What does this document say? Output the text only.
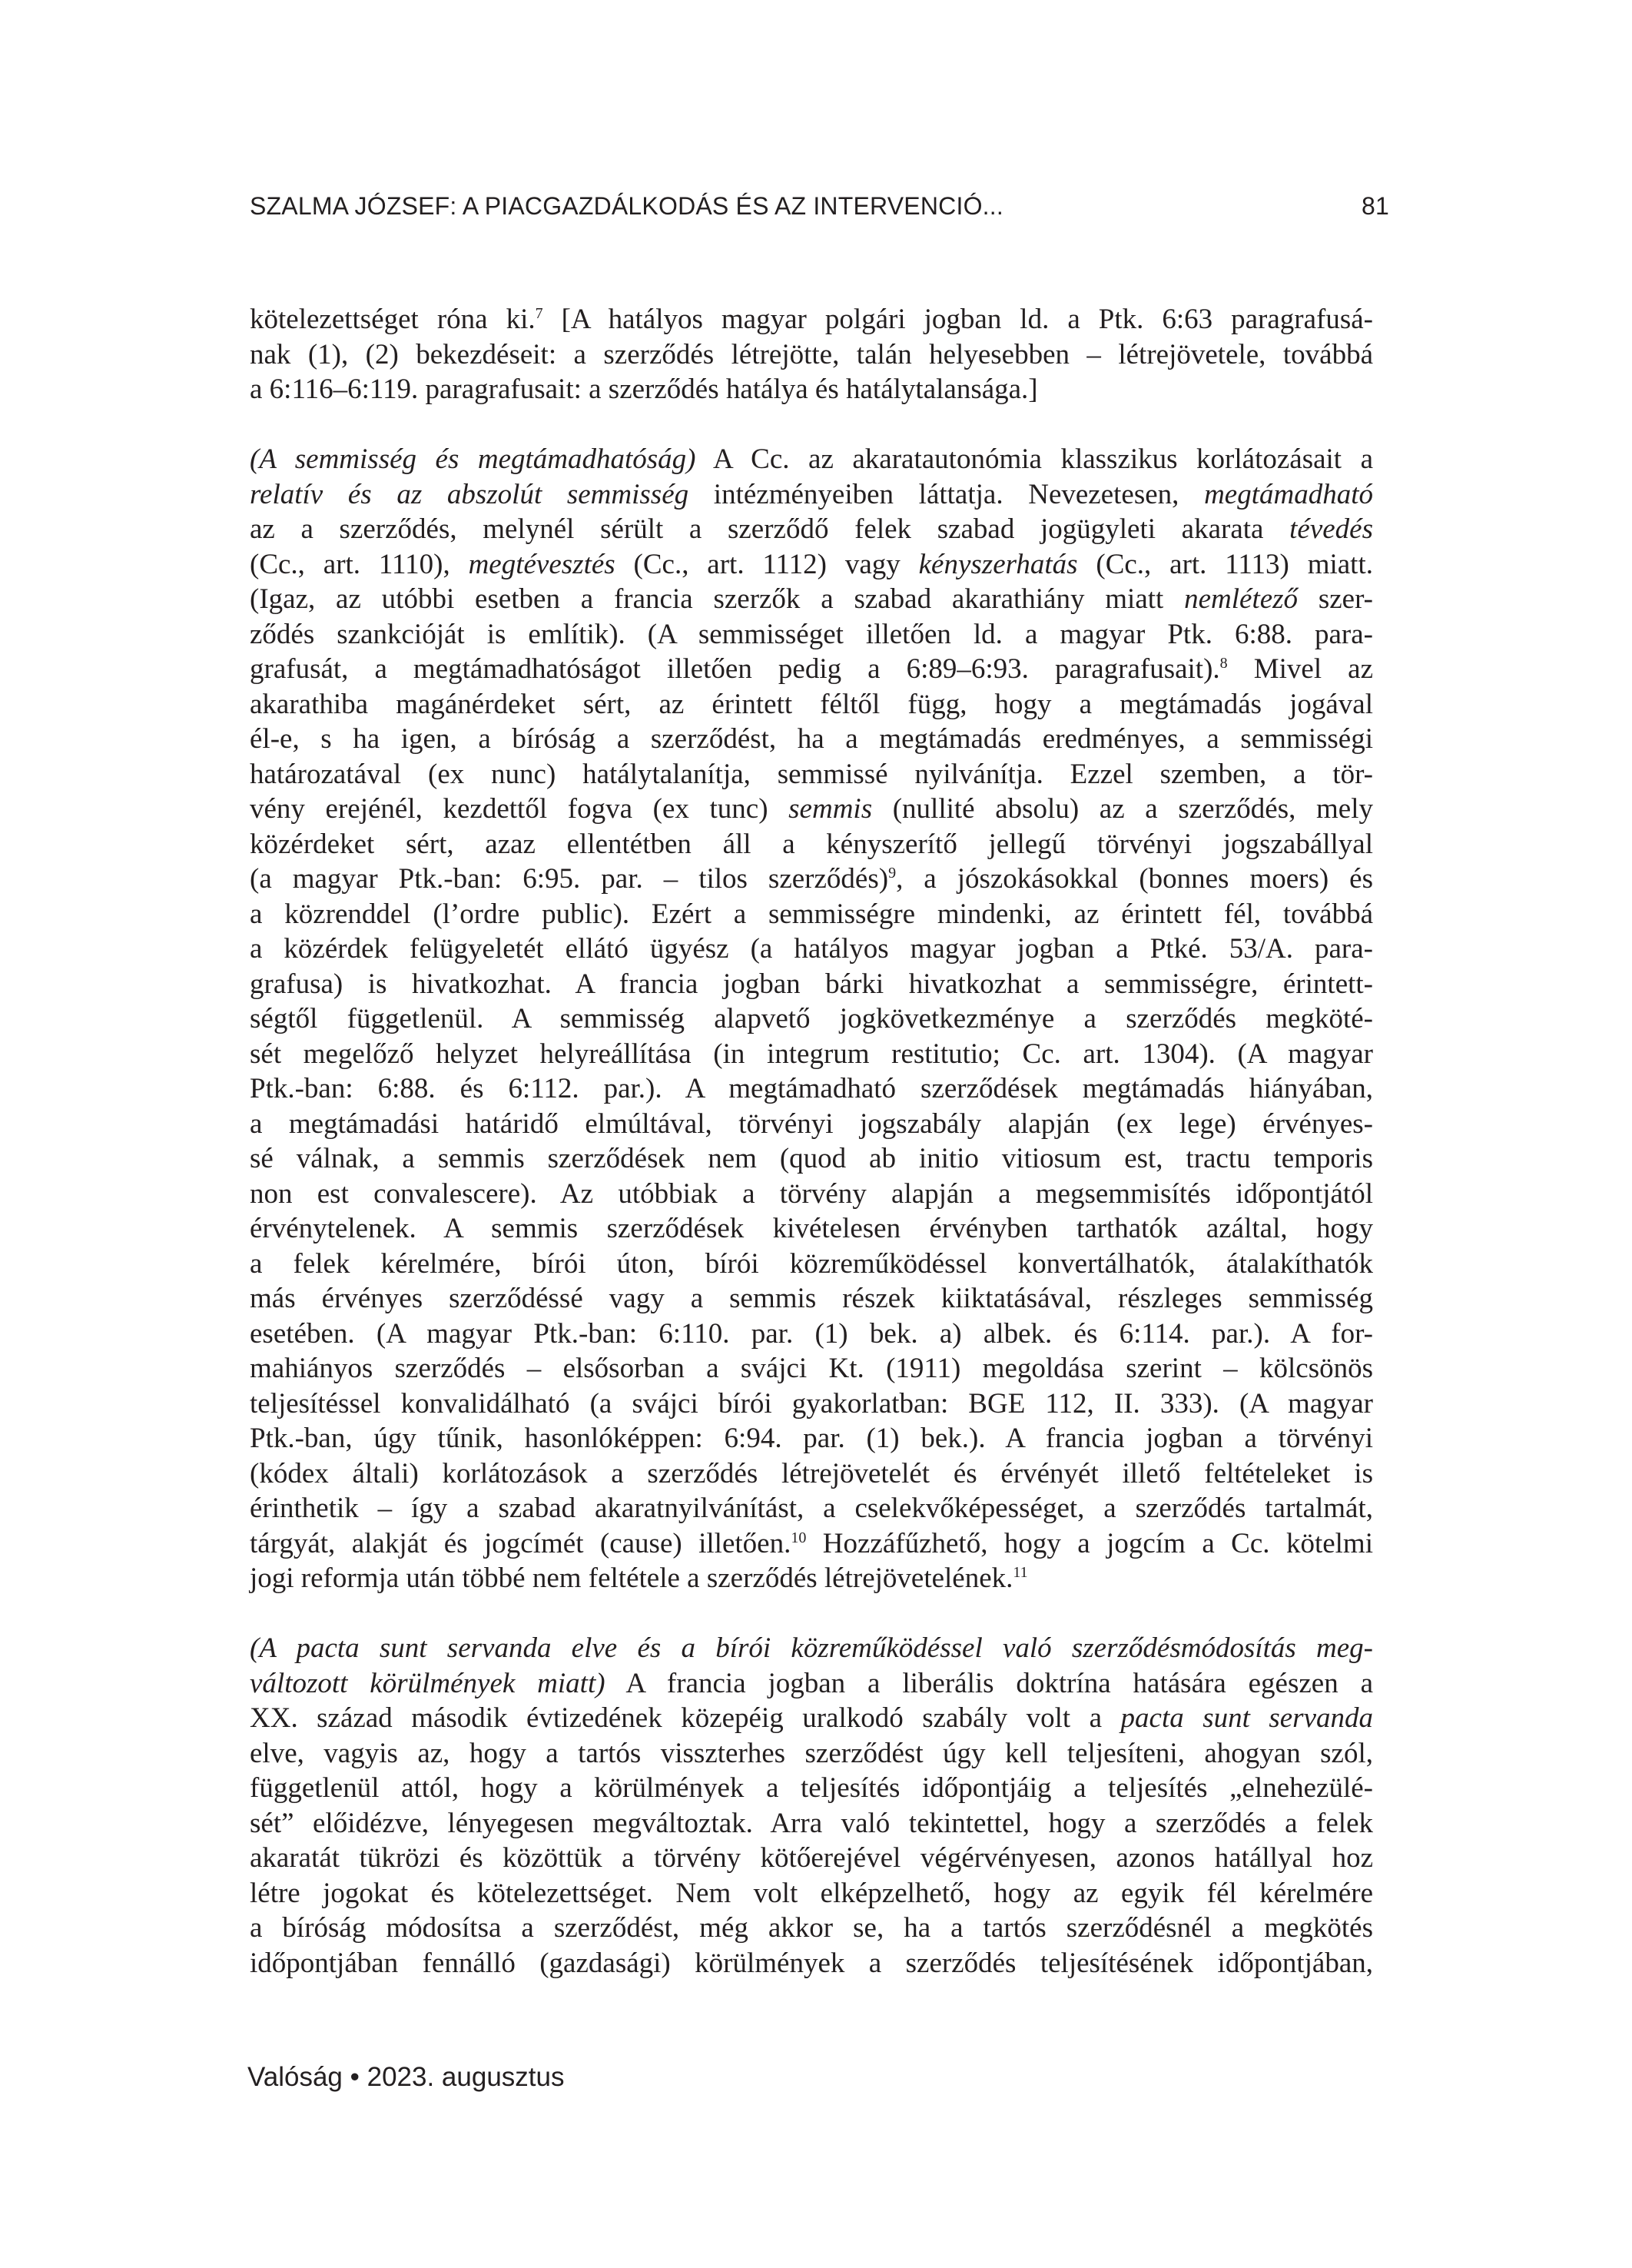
SZALMA JÓZSEF: A PIACGAZDÁLKODÁS ÉS AZ INTERVENCIÓ...	81

kötelezettséget róna ki.$^7$ [A hatályos magyar polgári jogban ld. a Ptk. 6:63 paragrafusá-
nak (1), (2) bekezdéseit: a szerződés létrejötte, talán helyesebben – létrejövetele, továbbá
a 6:116–6:119. paragrafusait: a szerződés hatálya és hatálytalansága.]

(A semmisség és megtámadhatóság) A Cc. az akaratautonómia klasszikus korlátozásait a
relatív és az abszolút semmisség intézményeiben láttatja. Nevezetesen, megtámadható
az a szerződés, melynél sérült a szerződő felek szabad jogügyleti akarata tévedés
(Cc., art. 1110), megtévesztés (Cc., art. 1112) vagy kényszerhatás (Cc., art. 1113) miatt.
(Igaz, az utóbbi esetben a francia szerzők a szabad akarathiány miatt nemlétező szer-
ződés szankcióját is említik). (A semmisséget illetően ld. a magyar Ptk. 6:88. para-
grafusát, a megtámadhatóságot illetően pedig a 6:89–6:93. paragrafusait).$^8$ Mivel az
akarathiba magánérdeket sért, az érintett féltől függ, hogy a megtámadás jogával
él-e, s ha igen, a bíróság a szerződést, ha a megtámadás eredményes, a semmisségi
határozatával (ex nunc) hatálytalanítja, semmissé nyilvánítja. Ezzel szemben, a tör-
vény erejénél, kezdettől fogva (ex tunc) semmis (nullité absolu) az a szerződés, mely
közérdeket sért, azaz ellentétben áll a kényszerítő jellegű törvényi jogszabállyal
(a magyar Ptk.-ban: 6:95. par. – tilos szerződés)$^9$, a jószokásokkal (bonnes moers) és
a közrenddel (l’ordre public). Ezért a semmisségre mindenki, az érintett fél, továbbá
a közérdek felügyeletét ellátó ügyész (a hatályos magyar jogban a Ptké. 53/A. para-
grafusa) is hivatkozhat. A francia jogban bárki hivatkozhat a semmisségre, érintett-
ségtől függetlenül. A semmisség alapvető jogkövetkezménye a szerződés megköté-
sét megelőző helyzet helyreállítása (in integrum restitutio; Cc. art. 1304). (A magyar
Ptk.-ban: 6:88. és 6:112. par.). A megtámadható szerződések megtámadás hiányában,
a megtámadási határidő elmúltával, törvényi jogszabály alapján (ex lege) érvényes-
sé válnak, a semmis szerződések nem (quod ab initio vitiosum est, tractu temporis
non est convalescere). Az utóbbiak a törvény alapján a megsemmisítés időpontjától
érvénytelenek. A semmis szerződések kivételesen érvényben tarthatók azáltal, hogy
a felek kérelmére, bírói úton, bírói közreműködéssel konvertálhatók, átalakíthatók
más érvényes szerződéssé vagy a semmis részek kiiktatásával, részleges semmisség
esetében. (A magyar Ptk.-ban: 6:110. par. (1) bek. a) albek. és 6:114. par.). A for-
mahiányos szerződés – elsősorban a svájci Kt. (1911) megoldása szerint – kölcsönös
teljesítéssel konvalidálható (a svájci bírói gyakorlatban: BGE 112, II. 333). (A magyar
Ptk.-ban, úgy tűnik, hasonlóképpen: 6:94. par. (1) bek.). A francia jogban a törvényi
(kódex általi) korlátozások a szerződés létrejövetelét és érvényét illető feltételeket is
érinthetik – így a szabad akaratnyilvánítást, a cselekvőképességet, a szerződés tartalmát,
tárgyát, alakját és jogcímét (cause) illetően.$^{10}$ Hozzáfűzhető, hogy a jogcím a Cc. kötelmi
jogi reformja után többé nem feltétele a szerződés létrejövetelének.$^{11}$

(A pacta sunt servanda elve és a bírói közreműködéssel való szerződésmódosítás meg-
változott körülmények miatt) A francia jogban a liberális doktrína hatására egészen a
XX. század második évtizedének közepéig uralkodó szabály volt a pacta sunt servanda
elve, vagyis az, hogy a tartós visszterhes szerződést úgy kell teljesíteni, ahogyan szól,
függetlenül attól, hogy a körülmények a teljesítés időpontjáig a teljesítés „elnehezülé-
sét” előidézve, lényegesen megváltoztak. Arra való tekintettel, hogy a szerződés a felek
akaratát tükrözi és közöttük a törvény kötőerejével végérvényesen, azonos hatállyal hoz
létre jogokat és kötelezettséget. Nem volt elképzelhető, hogy az egyik fél kérelmére
a bíróság módosítsa a szerződést, még akkor se, ha a tartós szerződésnél a megkötés
időpontjában fennálló (gazdasági) körülmények a szerződés teljesítésének időpontjában,

Valóság • 2023. augusztus
